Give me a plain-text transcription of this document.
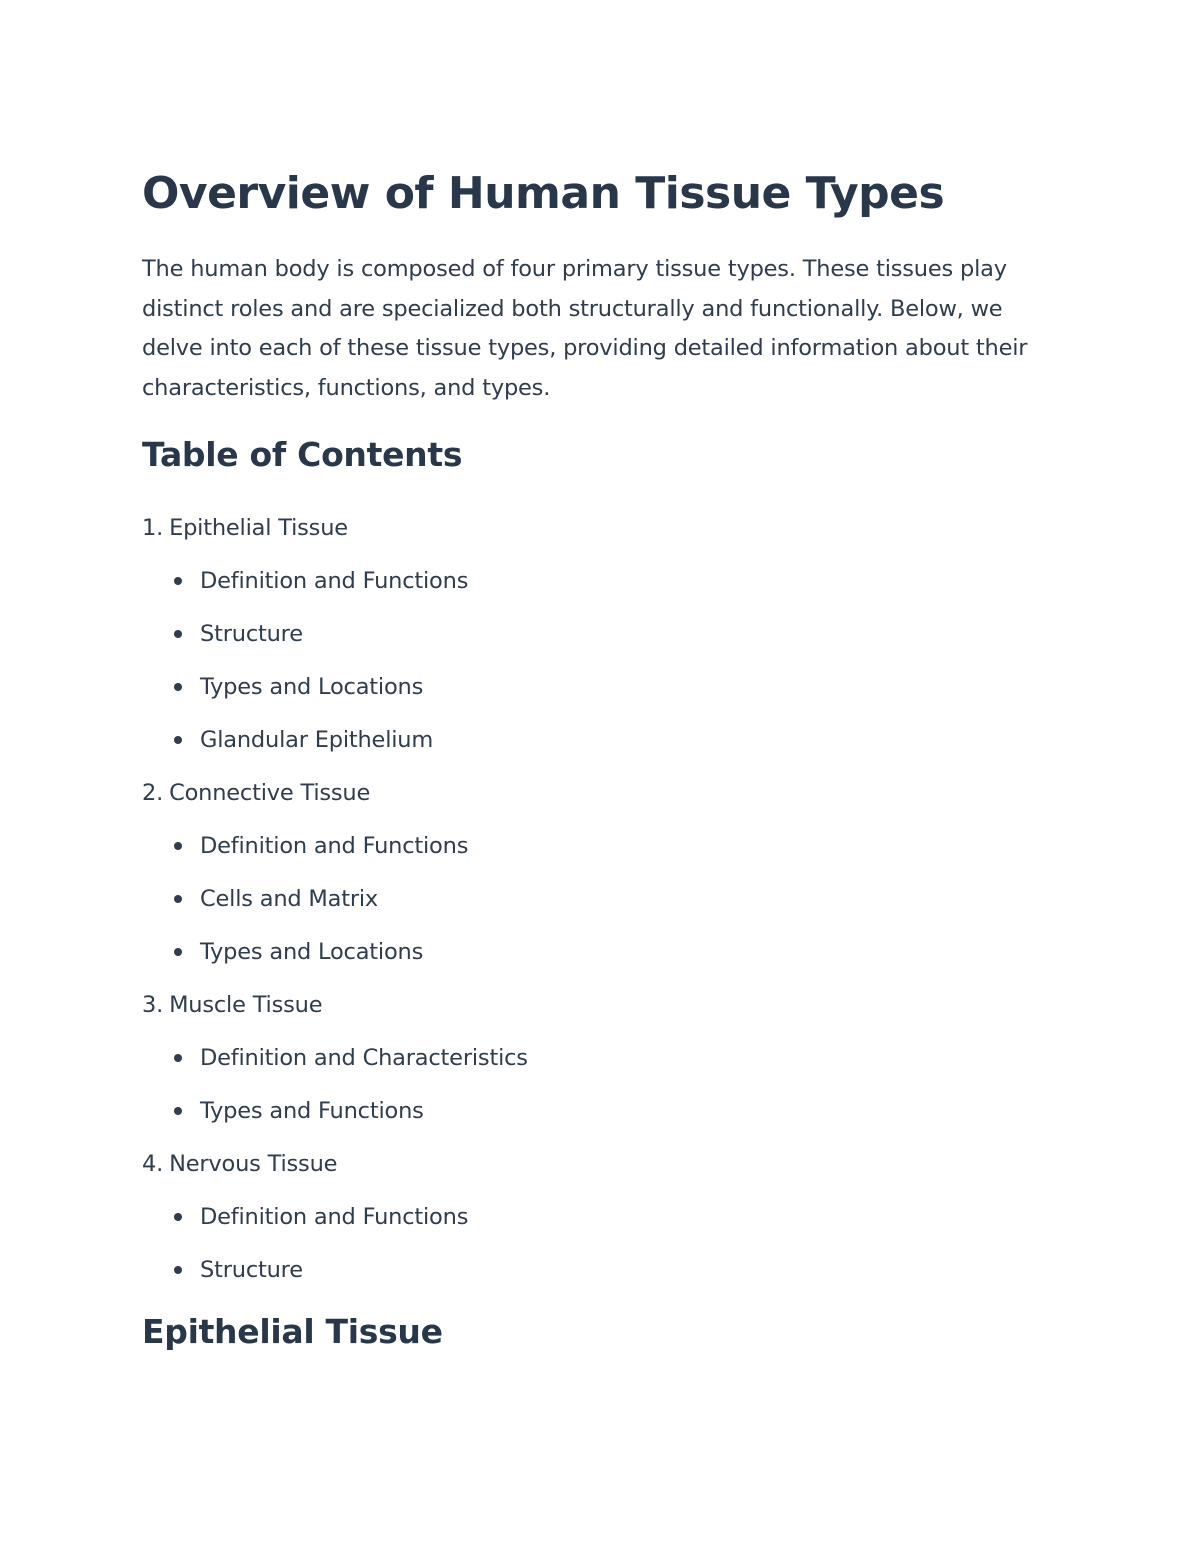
Overview of Human Tissue Types

The human body is composed of four primary tissue types. These tissues play distinct roles and are specialized both structurally and functionally. Below, we delve into each of these tissue types, providing detailed information about their characteristics, functions, and types.

Table of Contents
1. Epithelial Tissue
Definition and Functions
Structure
Types and Locations
Glandular Epithelium
2. Connective Tissue
Definition and Functions
Cells and Matrix
Types and Locations
3. Muscle Tissue
Definition and Characteristics
Types and Functions
4. Nervous Tissue
Definition and Functions
Structure
Epithelial Tissue
